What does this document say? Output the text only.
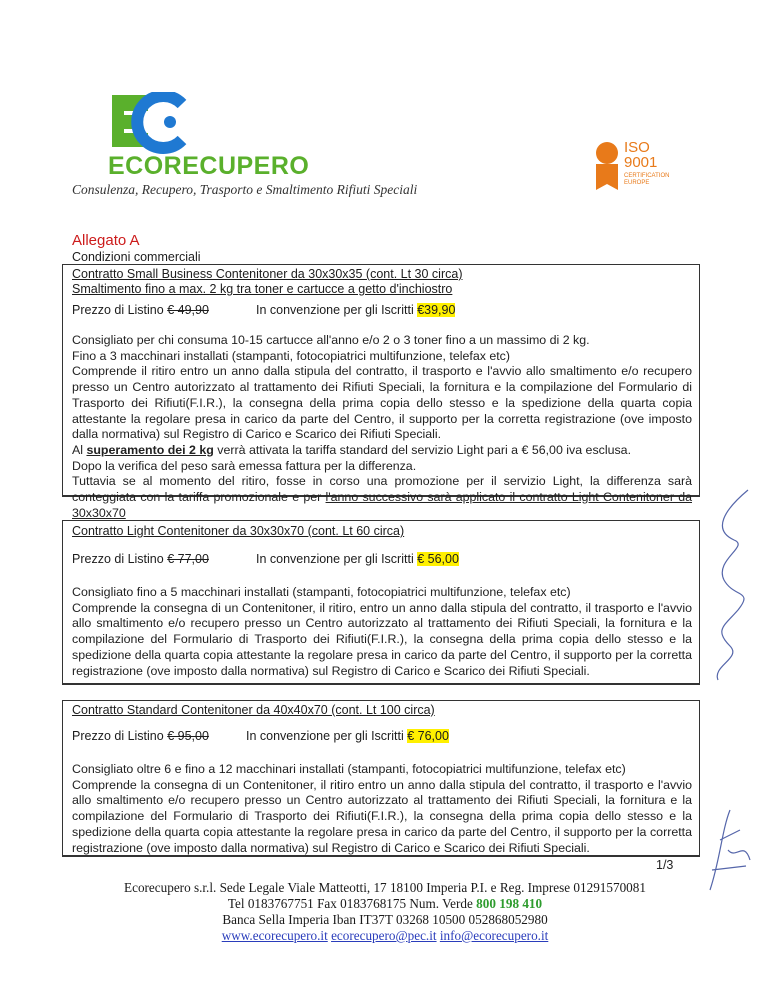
ECORECUPERO
Consulenza, Recupero, Trasporto e Smaltimento Rifiuti Speciali
ISO
9001
CERTIFICATION
EUROPE
Allegato A
Condizioni commerciali
Contratto Small Business Contenitoner da 30x30x35 (cont. Lt 30 circa)
Smaltimento fino a max. 2 kg tra toner e cartucce a getto d'inchiostro
Prezzo di Listino € 49,90	In convenzione per gli Iscritti €39,90
Consigliato per chi consuma 10-15 cartucce all'anno e/o 2 o 3 toner fino a un massimo di 2 kg.
Fino a 3 macchinari installati (stampanti, fotocopiatrici multifunzione, telefax etc)
Comprende il ritiro entro un anno dalla stipula del contratto, il trasporto e l'avvio allo smaltimento e/o recupero presso un Centro autorizzato al trattamento dei Rifiuti Speciali, la fornitura e la compilazione del Formulario di Trasporto dei Rifiuti(F.I.R.), la consegna della prima copia dello stesso e la spedizione della quarta copia attestante la regolare presa in carico da parte del Centro, il supporto per la corretta registrazione (ove imposto dalla normativa) sul Registro di Carico e Scarico dei Rifiuti Speciali.
Al superamento dei 2 kg verrà attivata la tariffa standard del servizio Light pari a € 56,00 iva esclusa.
Dopo la verifica del peso sarà emessa fattura per la differenza.
Tuttavia se al momento del ritiro, fosse in corso una promozione per il servizio Light, la differenza sarà conteggiata con la tariffa promozionale e per l'anno successivo sarà applicato il contratto Light Contenitoner da 30x30x70
Contratto Light Contenitoner da 30x30x70 (cont. Lt 60 circa)
Prezzo di Listino € 77,00	In convenzione per gli Iscritti € 56,00
Consigliato fino a 5 macchinari installati (stampanti, fotocopiatrici multifunzione, telefax etc)
Comprende la consegna di un Contenitoner, il ritiro, entro un anno dalla stipula del contratto, il trasporto e l'avvio allo smaltimento e/o recupero presso un Centro autorizzato al trattamento dei Rifiuti Speciali, la fornitura e la compilazione del Formulario di Trasporto dei Rifiuti(F.I.R.), la consegna della prima copia dello stesso e la spedizione della quarta copia attestante la regolare presa in carico da parte del Centro, il supporto per la corretta registrazione (ove imposto dalla normativa) sul Registro di Carico e Scarico dei Rifiuti Speciali.
Contratto Standard Contenitoner da 40x40x70 (cont. Lt 100 circa)
Prezzo di Listino € 95,00	In convenzione per gli Iscritti € 76,00
Consigliato oltre 6 e fino a 12 macchinari installati (stampanti, fotocopiatrici multifunzione, telefax etc)
Comprende la consegna di un Contenitoner, il ritiro entro un anno dalla stipula del contratto, il trasporto e l'avvio allo smaltimento e/o recupero presso un Centro autorizzato al trattamento dei Rifiuti Speciali, la fornitura e la compilazione del Formulario di Trasporto dei Rifiuti(F.I.R.), la consegna della prima copia dello stesso e la spedizione della quarta copia attestante la regolare presa in carico da parte del Centro, il supporto per la corretta registrazione (ove imposto dalla normativa) sul Registro di Carico e Scarico dei Rifiuti Speciali.
1/3
Ecorecupero s.r.l. Sede Legale Viale Matteotti, 17 18100 Imperia P.I. e Reg. Imprese 01291570081
Tel 0183767751 Fax 0183768175 Num. Verde 800 198 410
Banca Sella Imperia Iban IT37T 03268 10500 052868052980
www.ecorecupero.it ecorecupero@pec.it info@ecorecupero.it
